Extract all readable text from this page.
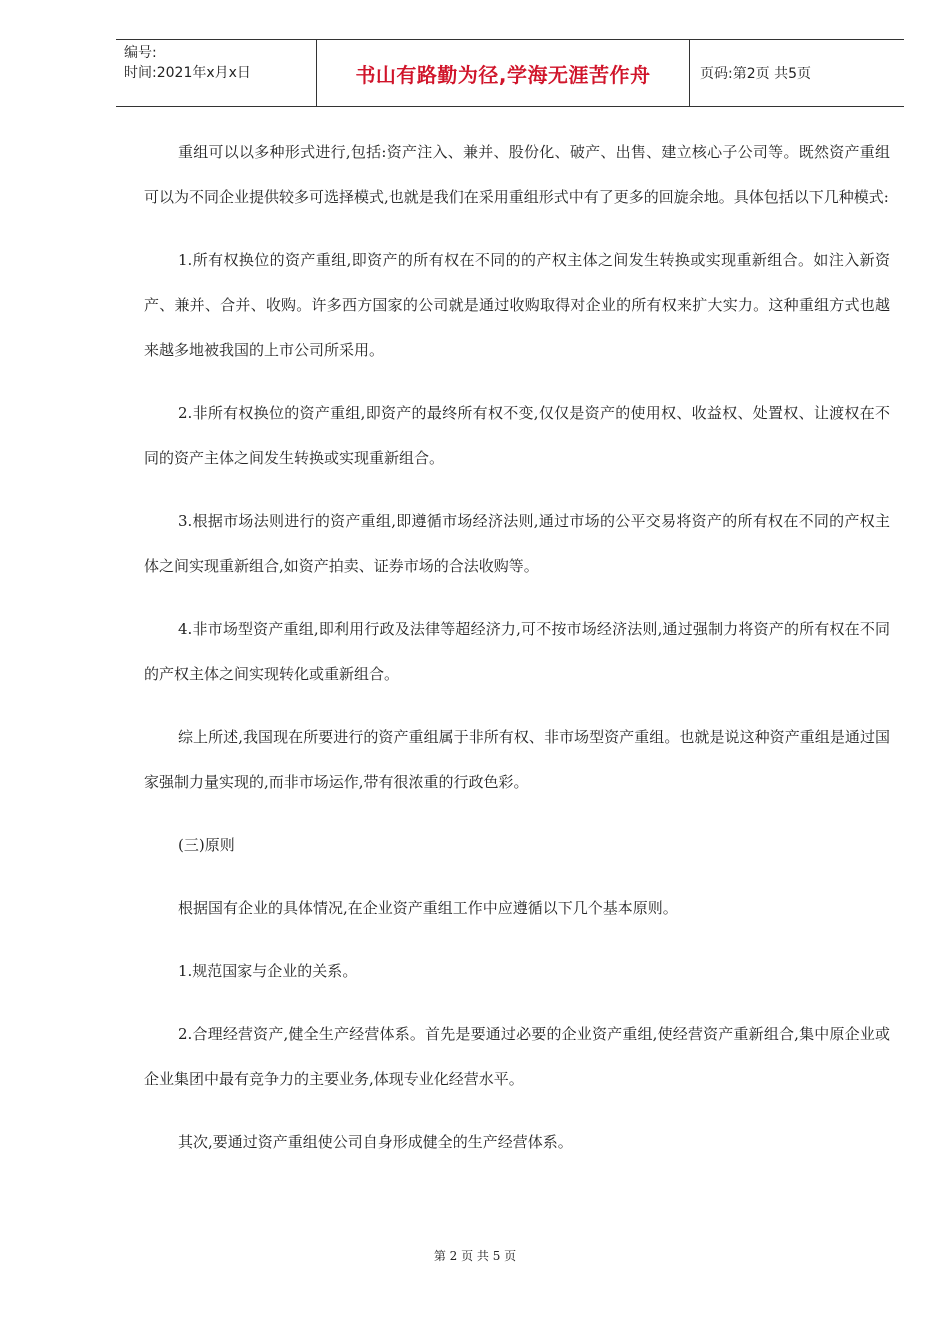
编号:
时间:2021年x月x日	书山有路勤为径,学海无涯苦作舟	页码:第2页 共5页

重组可以以多种形式进行,包括:资产注入、兼并、股份化、破产、出售、建立核心子公司等。既然资产重组可以为不同企业提供较多可选择模式,也就是我们在采用重组形式中有了更多的回旋余地。具体包括以下几种模式:

1.所有权换位的资产重组,即资产的所有权在不同的的产权主体之间发生转换或实现重新组合。如注入新资产、兼并、合并、收购。许多西方国家的公司就是通过收购取得对企业的所有权来扩大实力。这种重组方式也越来越多地被我国的上市公司所采用。

2.非所有权换位的资产重组,即资产的最终所有权不变,仅仅是资产的使用权、收益权、处置权、让渡权在不同的资产主体之间发生转换或实现重新组合。

3.根据市场法则进行的资产重组,即遵循市场经济法则,通过市场的公平交易将资产的所有权在不同的产权主体之间实现重新组合,如资产拍卖、证券市场的合法收购等。

4.非市场型资产重组,即利用行政及法律等超经济力,可不按市场经济法则,通过强制力将资产的所有权在不同的产权主体之间实现转化或重新组合。

综上所述,我国现在所要进行的资产重组属于非所有权、非市场型资产重组。也就是说这种资产重组是通过国家强制力量实现的,而非市场运作,带有很浓重的行政色彩。

(三)原则

根据国有企业的具体情况,在企业资产重组工作中应遵循以下几个基本原则。

1.规范国家与企业的关系。

2.合理经营资产,健全生产经营体系。首先是要通过必要的企业资产重组,使经营资产重新组合,集中原企业或企业集团中最有竞争力的主要业务,体现专业化经营水平。

其次,要通过资产重组使公司自身形成健全的生产经营体系。

第 2 页 共 5 页
